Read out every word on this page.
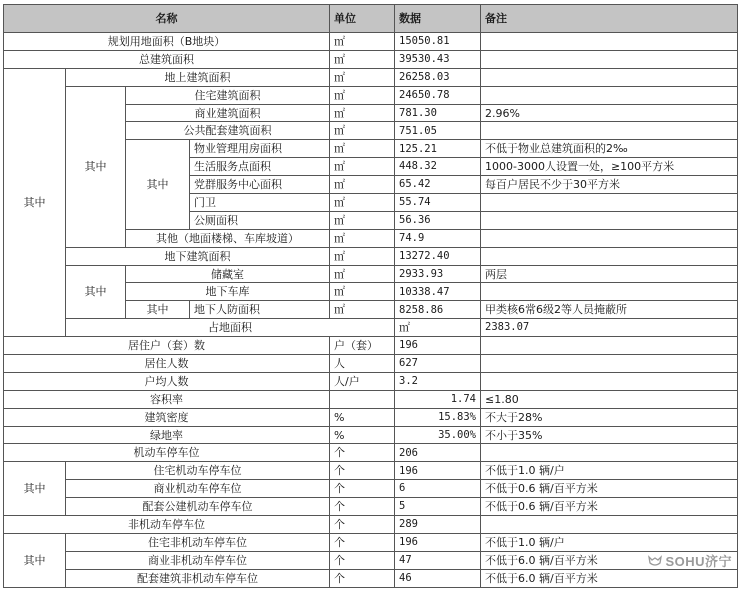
名称				单位	数据	备注	
规划用地面积（B地块）				㎡	15050.81		
总建筑面积				㎡	39530.43		
其中	地上建筑面积			㎡	26258.03		
	其中	住宅建筑面积		㎡	24650.78		
		商业建筑面积		㎡	781.30	2.96%	
		公共配套建筑面积		㎡	751.05		
		其中	物业管理用房面积	㎡	125.21	不低于物业总建筑面积的2‰	
			生活服务点面积	㎡	448.32	1000-3000人设置一处，≥100平方米	
			党群服务中心面积	㎡	65.42	每百户居民不少于30平方米	
			门卫	㎡	55.74		
			公厕面积	㎡	56.36		
		其他（地面楼梯、车库坡道）		㎡	74.9		
	地下建筑面积			㎡	13272.40		
	其中	储藏室		㎡	2933.93	两层	
		地下车库		㎡	10338.47		
		其中	地下人防面积	㎡	8258.86	甲类核6常6级2等人员掩蔽所	
	占地面积				㎡	2383.07	
居住户（套）数				户（套）	196		
居住人数				人	627		
户均人数				人/户	3.2		
容积率					1.74	≤1.80	
建筑密度				%	15.83%	不大于28%	
绿地率				%	35.00%	不小于35%	
机动车停车位				个	206		
其中	住宅机动车停车位			个	196	不低于1.0 辆/户	
	商业机动车停车位			个	6	不低于0.6 辆/百平方米	
	配套公建机动车停车位			个	5	不低于0.6 辆/百平方米	
非机动车停车位				个	289		
其中	住宅非机动车停车位			个	196	不低于1.0 辆/户	
	商业非机动车停车位			个	47	不低于6.0 辆/百平方米	
	配套建筑非机动车停车位			个	46	不低于6.0 辆/百平方米	
SOHU济宁
